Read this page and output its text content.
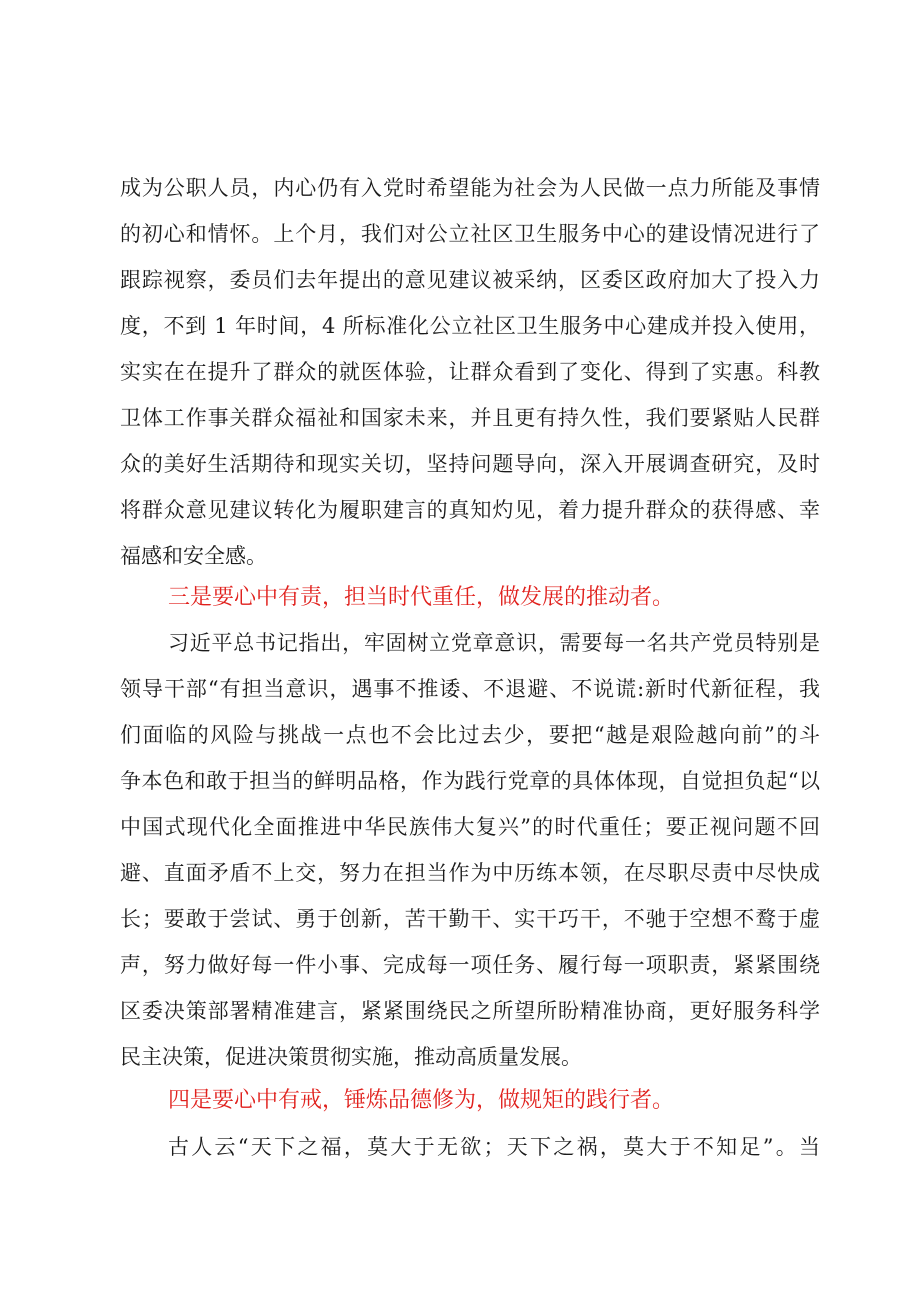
成为公职人员，内心仍有入党时希望能为社会为人民做一点力所能及事情
的初心和情怀。上个月，我们对公立社区卫生服务中心的建设情况进行了
跟踪视察，委员们去年提出的意见建议被采纳，区委区政府加大了投入力
度，不到 1 年时间，4 所标准化公立社区卫生服务中心建成并投入使用，
实实在在提升了群众的就医体验，让群众看到了变化、得到了实惠。科教
卫体工作事关群众福祉和国家未来，并且更有持久性，我们要紧贴人民群
众的美好生活期待和现实关切，坚持问题导向，深入开展调查研究，及时
将群众意见建议转化为履职建言的真知灼见，着力提升群众的获得感、幸
福感和安全感。
三是要心中有责，担当时代重任，做发展的推动者。
习近平总书记指出，牢固树立党章意识，需要每一名共产党员特别是
领导干部“有担当意识，遇事不推诿、不退避、不说谎:新时代新征程，我
们面临的风险与挑战一点也不会比过去少，要把“越是艰险越向前”的斗
争本色和敢于担当的鲜明品格，作为践行党章的具体体现，自觉担负起“以
中国式现代化全面推进中华民族伟大复兴”的时代重任；要正视问题不回
避、直面矛盾不上交，努力在担当作为中历练本领，在尽职尽责中尽快成
长；要敢于尝试、勇于创新，苦干勤干、实干巧干，不驰于空想不鹜于虚
声，努力做好每一件小事、完成每一项任务、履行每一项职责，紧紧围绕
区委决策部署精准建言，紧紧围绕民之所望所盼精准协商，更好服务科学
民主决策，促进决策贯彻实施，推动高质量发展。
四是要心中有戒，锤炼品德修为，做规矩的践行者。
古人云“天下之福，莫大于无欲；天下之祸，莫大于不知足”。当
